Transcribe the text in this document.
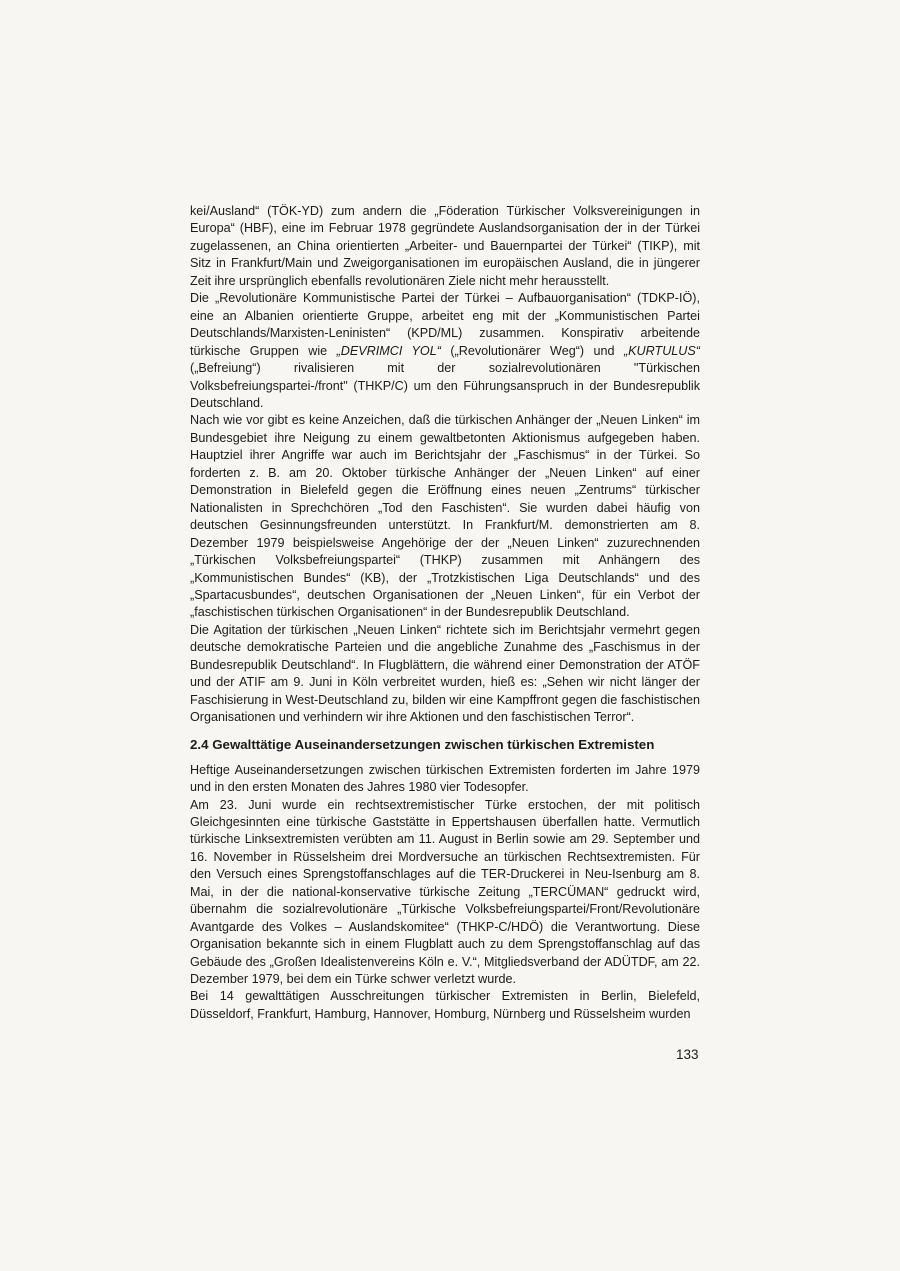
kei/Ausland“ (TÖK-YD) zum andern die „Föderation Türkischer Volksvereinigungen in Europa“ (HBF), eine im Februar 1978 gegründete Auslandsorganisation der in der Türkei zugelassenen, an China orientierten „Arbeiter- und Bauernpartei der Türkei“ (TIKP), mit Sitz in Frankfurt/Main und Zweigorganisationen im europäischen Ausland, die in jüngerer Zeit ihre ursprünglich ebenfalls revolutionären Ziele nicht mehr herausstellt.

Die „Revolutionäre Kommunistische Partei der Türkei – Aufbauorganisation“ (TDKP-IÖ), eine an Albanien orientierte Gruppe, arbeitet eng mit der „Kommunistischen Partei Deutschlands/Marxisten-Leninisten“ (KPD/ML) zusammen. Konspirativ arbeitende türkische Gruppen wie „DEVRIMCI YOL“ („Revolutionärer Weg“) und „KURTULUS“ („Befreiung“) rivalisieren mit der sozialrevolutionären "Türkischen Volksbefreiungspartei-/front" (THKP/C) um den Führungsanspruch in der Bundesrepublik Deutschland.

Nach wie vor gibt es keine Anzeichen, daß die türkischen Anhänger der „Neuen Linken“ im Bundesgebiet ihre Neigung zu einem gewaltbetonten Aktionismus aufgegeben haben. Hauptziel ihrer Angriffe war auch im Berichtsjahr der „Faschismus“ in der Türkei. So forderten z. B. am 20. Oktober türkische Anhänger der „Neuen Linken“ auf einer Demonstration in Bielefeld gegen die Eröffnung eines neuen „Zentrums“ türkischer Nationalisten in Sprechchören „Tod den Faschisten“. Sie wurden dabei häufig von deutschen Gesinnungsfreunden unterstützt. In Frankfurt/M. demonstrierten am 8. Dezember 1979 beispielsweise Angehörige der der „Neuen Linken“ zuzurechnenden „Türkischen Volksbefreiungspartei“ (THKP) zusammen mit Anhängern des „Kommunistischen Bundes“ (KB), der „Trotzkistischen Liga Deutschlands“ und des „Spartacusbundes“, deutschen Organisationen der „Neuen Linken“, für ein Verbot der „faschistischen türkischen Organisationen“ in der Bundesrepublik Deutschland.

Die Agitation der türkischen „Neuen Linken“ richtete sich im Berichtsjahr vermehrt gegen deutsche demokratische Parteien und die angebliche Zunahme des „Faschismus in der Bundesrepublik Deutschland“. In Flugblättern, die während einer Demonstration der ATÖF und der ATIF am 9. Juni in Köln verbreitet wurden, hieß es: „Sehen wir nicht länger der Faschisierung in West-Deutschland zu, bilden wir eine Kampffront gegen die faschistischen Organisationen und verhindern wir ihre Aktionen und den faschistischen Terror“.

2.4 Gewalttätige Auseinandersetzungen zwischen türkischen Extremisten

Heftige Auseinandersetzungen zwischen türkischen Extremisten forderten im Jahre 1979 und in den ersten Monaten des Jahres 1980 vier Todesopfer.

Am 23. Juni wurde ein rechtsextremistischer Türke erstochen, der mit politisch Gleichgesinnten eine türkische Gaststätte in Eppertshausen überfallen hatte. Vermutlich türkische Linksextremisten verübten am 11. August in Berlin sowie am 29. September und 16. November in Rüsselsheim drei Mordversuche an türkischen Rechtsextremisten. Für den Versuch eines Sprengstoffanschlages auf die TER-Druckerei in Neu-Isenburg am 8. Mai, in der die national-konservative türkische Zeitung „TERCÜMAN“ gedruckt wird, übernahm die sozialrevolutionäre „Türkische Volksbefreiungspartei/Front/Revolutionäre Avantgarde des Volkes – Auslandskomitee“ (THKP-C/HDÖ) die Verantwortung. Diese Organisation bekannte sich in einem Flugblatt auch zu dem Sprengstoffanschlag auf das Gebäude des „Großen Idealistenvereins Köln e. V.“, Mitgliedsverband der ADÜTDF, am 22. Dezember 1979, bei dem ein Türke schwer verletzt wurde.

Bei 14 gewalttätigen Ausschreitungen türkischer Extremisten in Berlin, Bielefeld, Düsseldorf, Frankfurt, Hamburg, Hannover, Homburg, Nürnberg und Rüsselsheim wurden

133
